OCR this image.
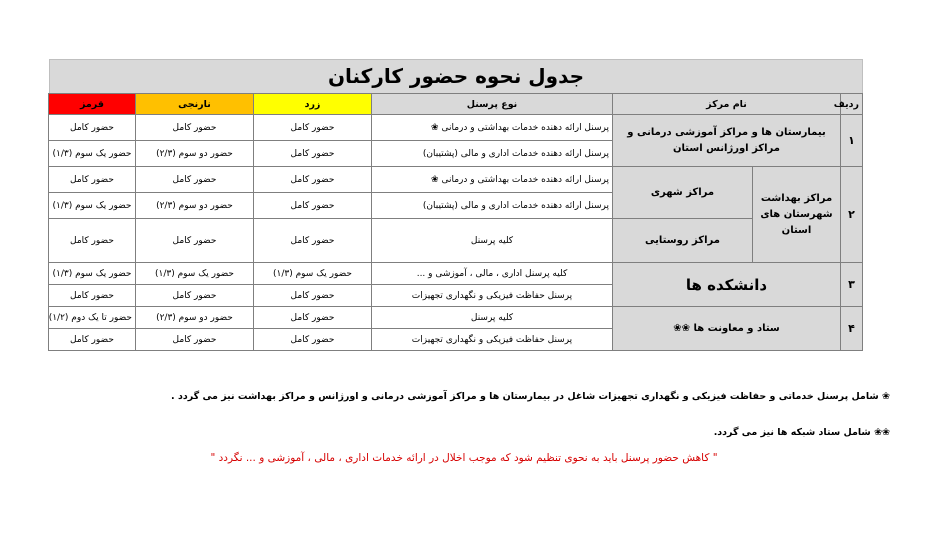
جدول نحوه حضور کارکنان
ردیف	نام مرکز		نوع پرسنل	زرد	نارنجی	قرمز
۱	بیمارستان ها و مراکز آموزشی درمانی و مراکز اورژانس استان		پرسنل ارائه دهنده خدمات بهداشتی و درمانی ❀	حضور کامل	حضور کامل	حضور کامل
			پرسنل ارائه دهنده خدمات اداری و مالی (پشتیبان)	حضور کامل	حضور دو سوم (۲/۳)	حضور یک سوم (۱/۳)
۲	مراکز بهداشت شهرستان های استان	مراکز شهری	پرسنل ارائه دهنده خدمات بهداشتی و درمانی ❀	حضور کامل	حضور کامل	حضور کامل
			پرسنل ارائه دهنده خدمات اداری و مالی (پشتیبان)	حضور کامل	حضور دو سوم (۲/۳)	حضور یک سوم (۱/۳)
		مراکز روستایی	کلیه پرسنل	حضور کامل	حضور کامل	حضور کامل
۳	دانشکده ها		کلیه پرسنل اداری ، مالی ، آموزشی و ...	حضور یک سوم (۱/۳)	حضور یک سوم (۱/۳)	حضور یک سوم (۱/۳)
			پرسنل حفاظت فیزیکی و نگهداری تجهیزات	حضور کامل	حضور کامل	حضور کامل
۴	ستاد و معاونت ها ❀❀		کلیه پرسنل	حضور کامل	حضور دو سوم (۲/۳)	حضور تا یک دوم (۱/۲)
			پرسنل حفاظت فیزیکی و نگهداری تجهیزات	حضور کامل	حضور کامل	حضور کامل
❀ شامل پرسنل خدماتی و حفاظت فیزیکی و نگهداری تجهیزات شاغل در بیمارستان ها و مراکز آموزشی درمانی و اورژانس و مراکز بهداشت نیز می گردد .
❀❀ شامل ستاد شبکه ها نیز می گردد.
" کاهش حضور پرسنل باید به نحوی تنظیم شود که موجب اخلال در ارائه خدمات اداری ، مالی ، آموزشی و ... نگردد "
